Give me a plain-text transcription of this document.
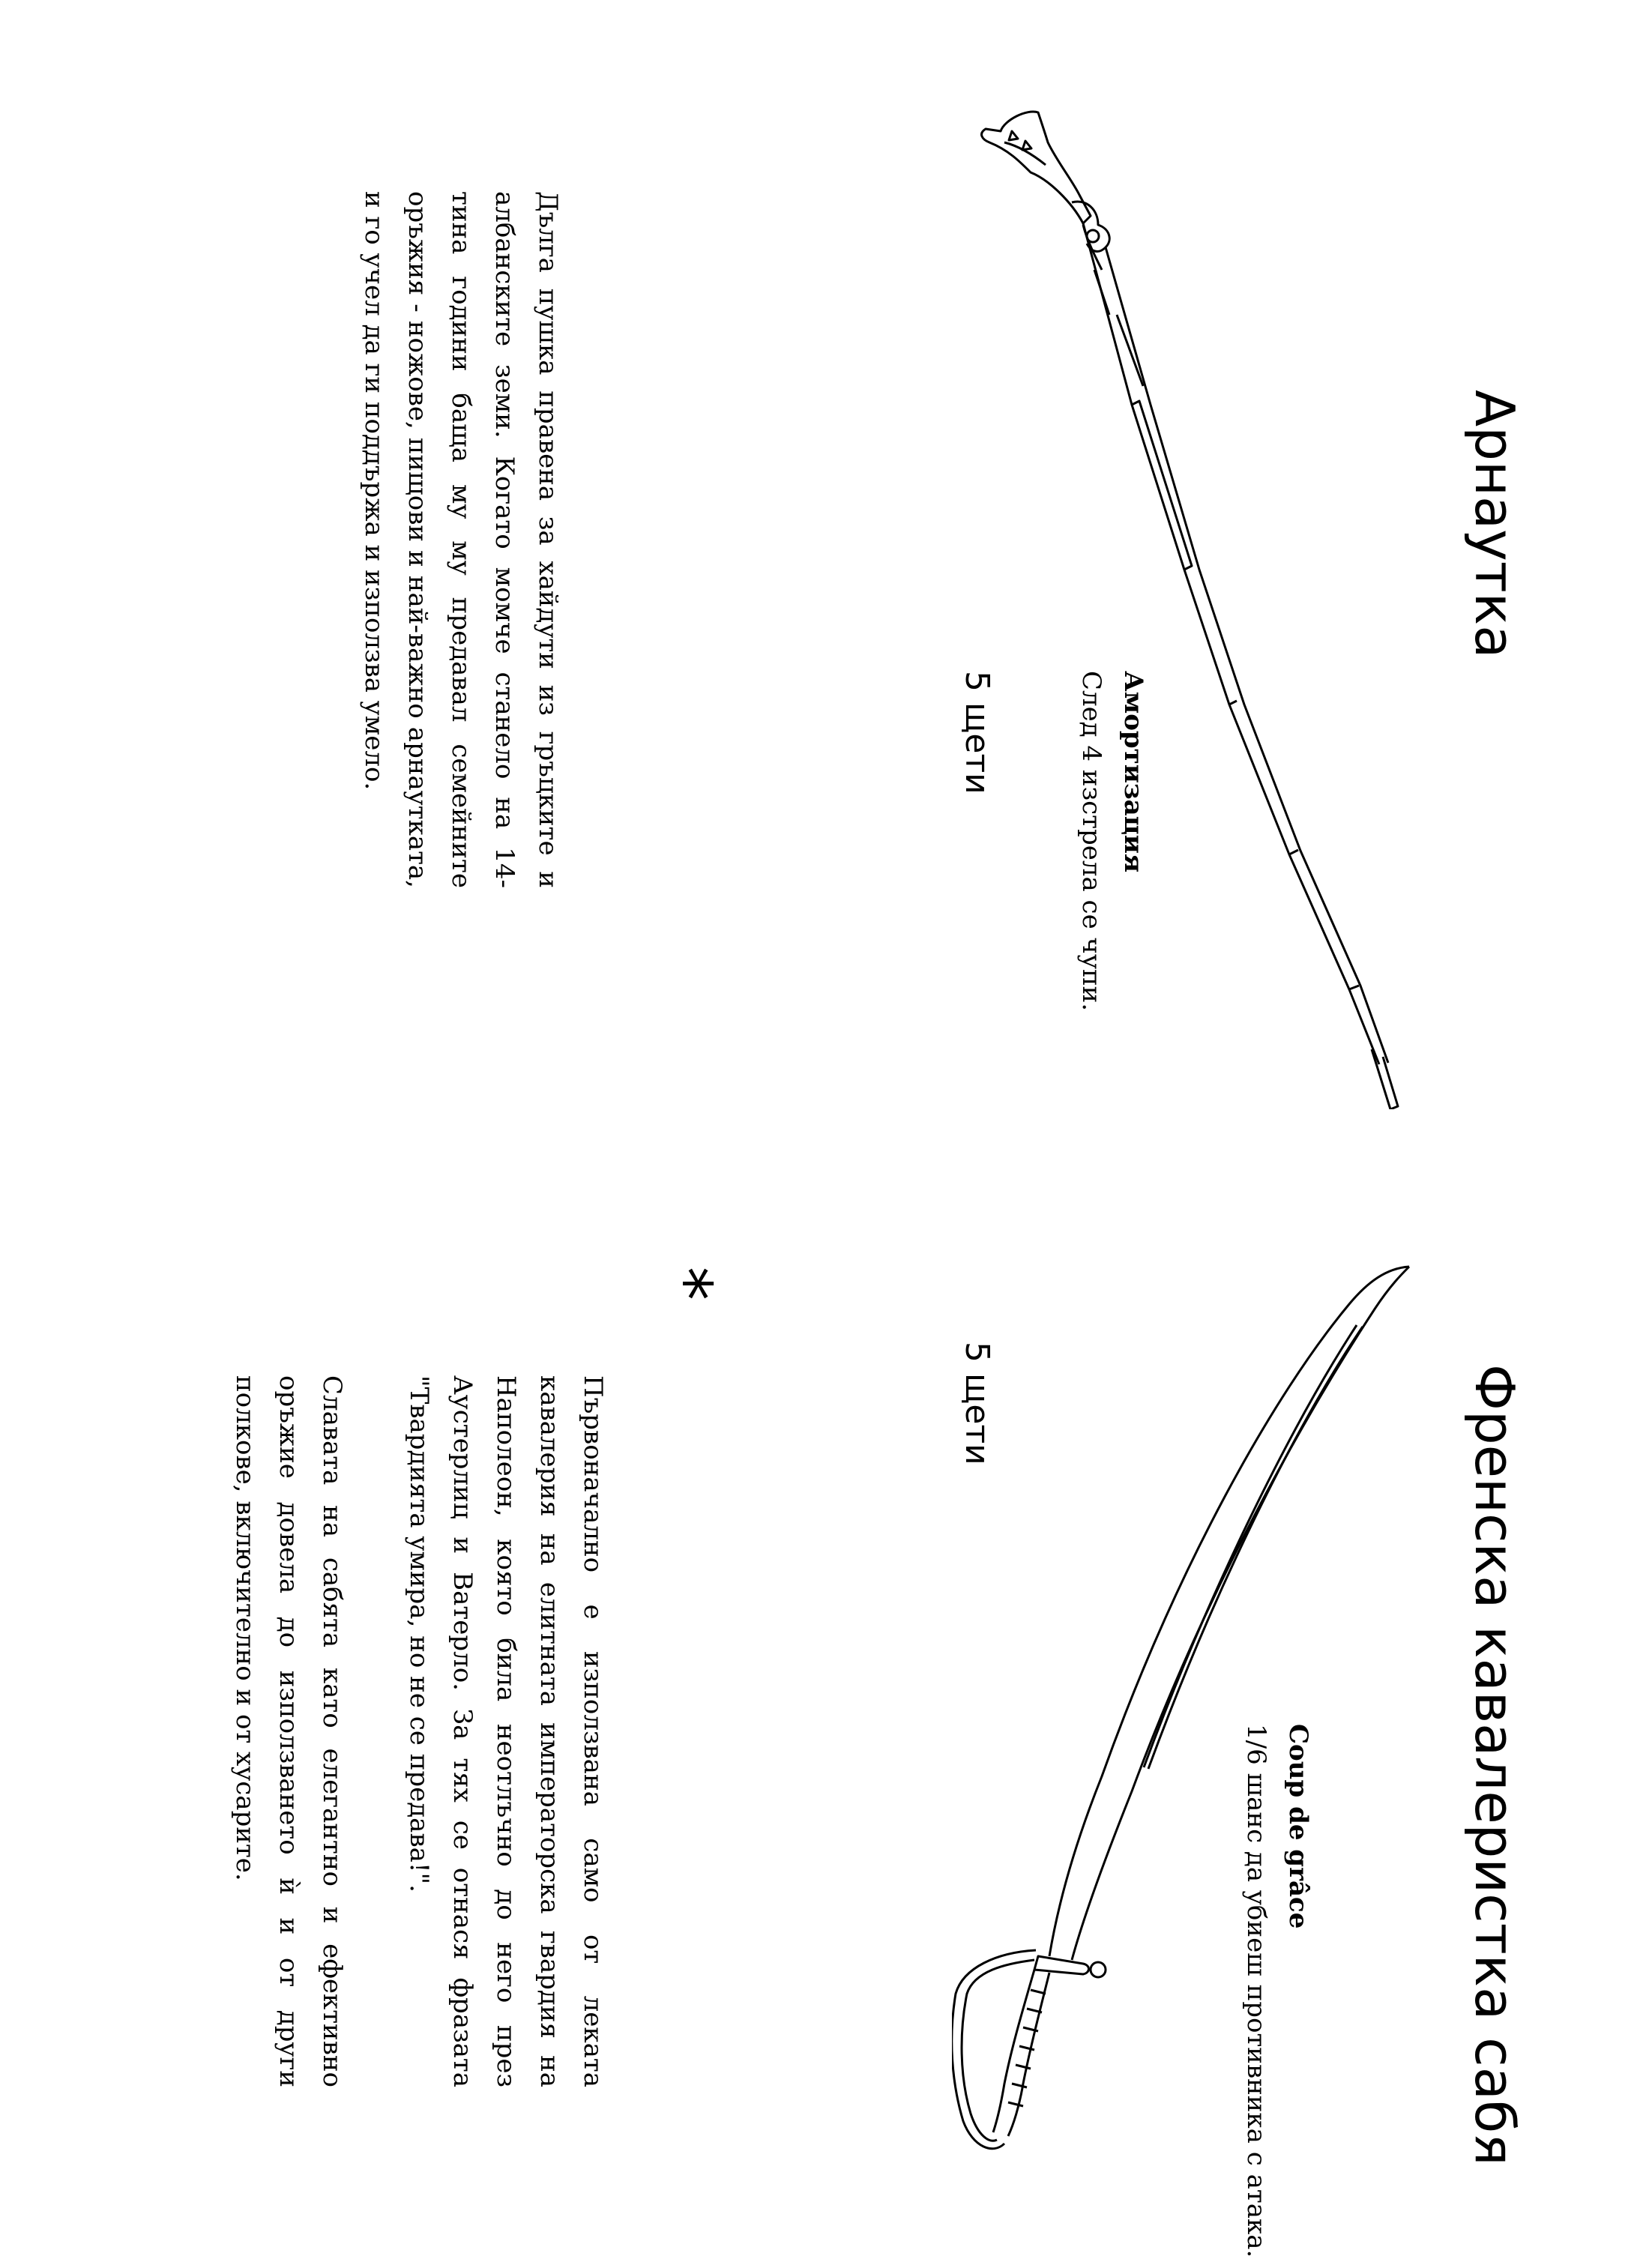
Арнаутка
Амортизация
След 4 изстрела се чупи.
5 щети

Дълга пушка правена за хайдути из гръцките и албанските земи. Когато момче станело на 14-тина години баща му му предавал семейните оръжия - ножове, пищови и най-важно арнаутката, и го учел да ги поддържа и използва умело.

Френска кавалеристка сабя
Coup de grâce
1/6 шанс да убиеш противника с атака.
5 щети
*

Първоначално е използвана само от леката кавалерия на елитната императорска гвардия на Наполеон, която била неотлъчно до него през Аустерлиц и Ватерло. За тях се отнася фразата "Твардията умира, но не се предава!".

Славата на сабята като елегантно и ефективно оръжие довела до използването ѝ и от други полкове, включително и от хусарите.
